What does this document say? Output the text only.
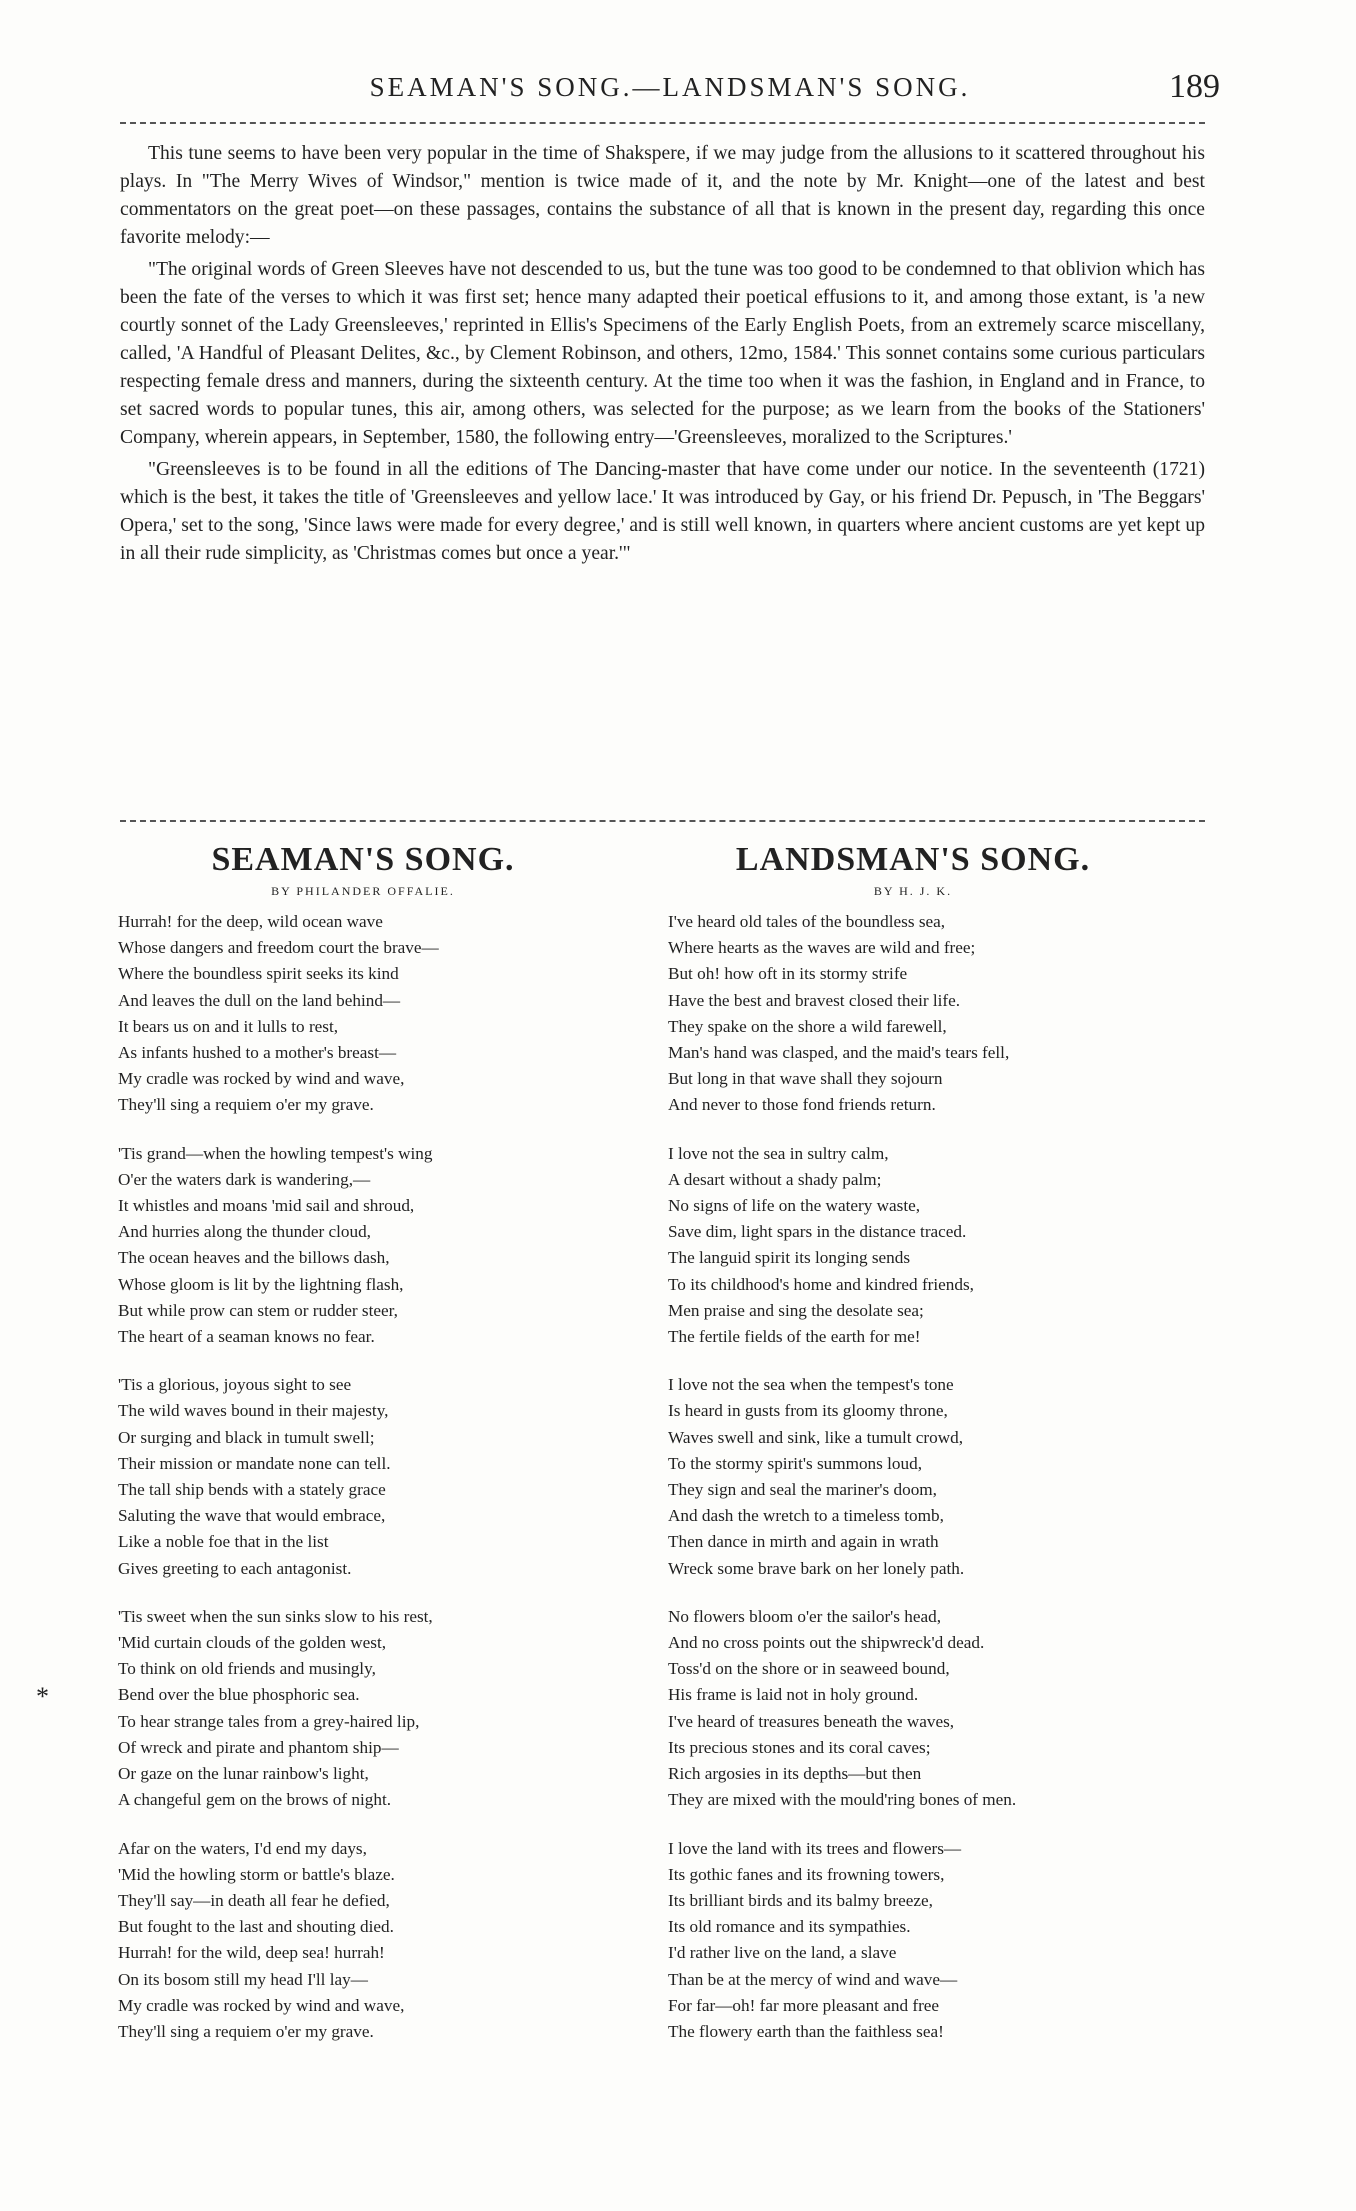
SEAMAN'S SONG.—LANDSMAN'S SONG.	189

This tune seems to have been very popular in the time of Shakspere, if we may judge from the allusions to it scattered throughout his plays. In "The Merry Wives of Windsor," mention is twice made of it, and the note by Mr. Knight—one of the latest and best commentators on the great poet—on these passages, contains the substance of all that is known in the present day, regarding this once favorite melody:—

"The original words of Green Sleeves have not descended to us, but the tune was too good to be condemned to that oblivion which has been the fate of the verses to which it was first set; hence many adapted their poetical effusions to it, and among those extant, is 'a new courtly sonnet of the Lady Greensleeves,' reprinted in Ellis's Specimens of the Early English Poets, from an extremely scarce miscellany, called, 'A Handful of Pleasant Delites, &c., by Clement Robinson, and others, 12mo, 1584.' This sonnet contains some curious particulars respecting female dress and manners, during the sixteenth century. At the time too when it was the fashion, in England and in France, to set sacred words to popular tunes, this air, among others, was selected for the purpose; as we learn from the books of the Stationers' Company, wherein appears, in September, 1580, the following entry—'Greensleeves, moralized to the Scriptures.'

"Greensleeves is to be found in all the editions of The Dancing-master that have come under our notice. In the seventeenth (1721) which is the best, it takes the title of 'Greensleeves and yellow lace.' It was introduced by Gay, or his friend Dr. Pepusch, in 'The Beggars' Opera,' set to the song, 'Since laws were made for every degree,' and is still well known, in quarters where ancient customs are yet kept up in all their rude simplicity, as 'Christmas comes but once a year.'"

SEAMAN'S SONG.
BY PHILANDER OFFALIE.
Hurrah! for the deep, wild ocean wave
Whose dangers and freedom court the brave—
Where the boundless spirit seeks its kind
And leaves the dull on the land behind—
It bears us on and it lulls to rest,
As infants hushed to a mother's breast—
My cradle was rocked by wind and wave,
They'll sing a requiem o'er my grave.
'Tis grand—when the howling tempest's wing
O'er the waters dark is wandering,—
It whistles and moans 'mid sail and shroud,
And hurries along the thunder cloud,
The ocean heaves and the billows dash,
Whose gloom is lit by the lightning flash,
But while prow can stem or rudder steer,
The heart of a seaman knows no fear.
'Tis a glorious, joyous sight to see
The wild waves bound in their majesty,
Or surging and black in tumult swell;
Their mission or mandate none can tell.
The tall ship bends with a stately grace
Saluting the wave that would embrace,
Like a noble foe that in the list
Gives greeting to each antagonist.
'Tis sweet when the sun sinks slow to his rest,
'Mid curtain clouds of the golden west,
To think on old friends and musingly,
Bend over the blue phosphoric sea.
To hear strange tales from a grey-haired lip,
Of wreck and pirate and phantom ship—
Or gaze on the lunar rainbow's light,
A changeful gem on the brows of night.
Afar on the waters, I'd end my days,
'Mid the howling storm or battle's blaze.
They'll say—in death all fear he defied,
But fought to the last and shouting died.
Hurrah! for the wild, deep sea! hurrah!
On its bosom still my head I'll lay—
My cradle was rocked by wind and wave,
They'll sing a requiem o'er my grave.
LANDSMAN'S SONG.
BY H. J. K.
I've heard old tales of the boundless sea,
Where hearts as the waves are wild and free;
But oh! how oft in its stormy strife
Have the best and bravest closed their life.
They spake on the shore a wild farewell,
Man's hand was clasped, and the maid's tears fell,
But long in that wave shall they sojourn
And never to those fond friends return.
I love not the sea in sultry calm,
A desart without a shady palm;
No signs of life on the watery waste,
Save dim, light spars in the distance traced.
The languid spirit its longing sends
To its childhood's home and kindred friends,
Men praise and sing the desolate sea;
The fertile fields of the earth for me!
I love not the sea when the tempest's tone
Is heard in gusts from its gloomy throne,
Waves swell and sink, like a tumult crowd,
To the stormy spirit's summons loud,
They sign and seal the mariner's doom,
And dash the wretch to a timeless tomb,
Then dance in mirth and again in wrath
Wreck some brave bark on her lonely path.
No flowers bloom o'er the sailor's head,
And no cross points out the shipwreck'd dead.
Toss'd on the shore or in seaweed bound,
His frame is laid not in holy ground.
I've heard of treasures beneath the waves,
Its precious stones and its coral caves;
Rich argosies in its depths—but then
They are mixed with the mould'ring bones of men.
I love the land with its trees and flowers—
Its gothic fanes and its frowning towers,
Its brilliant birds and its balmy breeze,
Its old romance and its sympathies.
I'd rather live on the land, a slave
Than be at the mercy of wind and wave—
For far—oh! far more pleasant and free
The flowery earth than the faithless sea!
*
